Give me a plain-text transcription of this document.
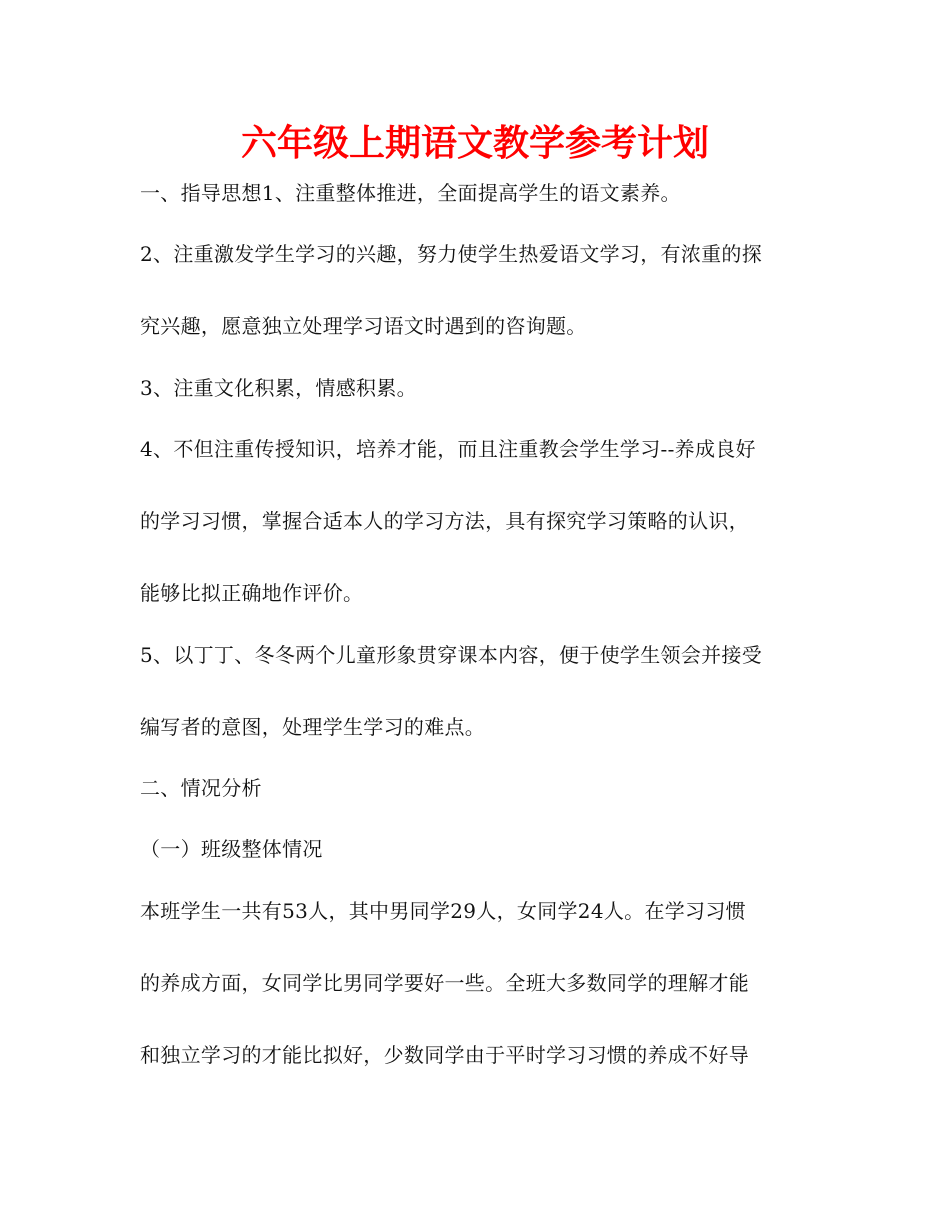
六年级上期语文教学参考计划
一、指导思想1、注重整体推进，全面提高学生的语文素养。
2、注重激发学生学习的兴趣，努力使学生热爱语文学习，有浓重的探
究兴趣，愿意独立处理学习语文时遇到的咨询题。
3、注重文化积累，情感积累。
4、不但注重传授知识，培养才能，而且注重教会学生学习--养成良好
的学习习惯，掌握合适本人的学习方法，具有探究学习策略的认识，
能够比拟正确地作评价。
5、以丁丁、冬冬两个儿童形象贯穿课本内容，便于使学生领会并接受
编写者的意图，处理学生学习的难点。
二、情况分析
（一）班级整体情况
本班学生一共有53人，其中男同学29人，女同学24人。在学习习惯
的养成方面，女同学比男同学要好一些。全班大多数同学的理解才能
和独立学习的才能比拟好，少数同学由于平时学习习惯的养成不好导
